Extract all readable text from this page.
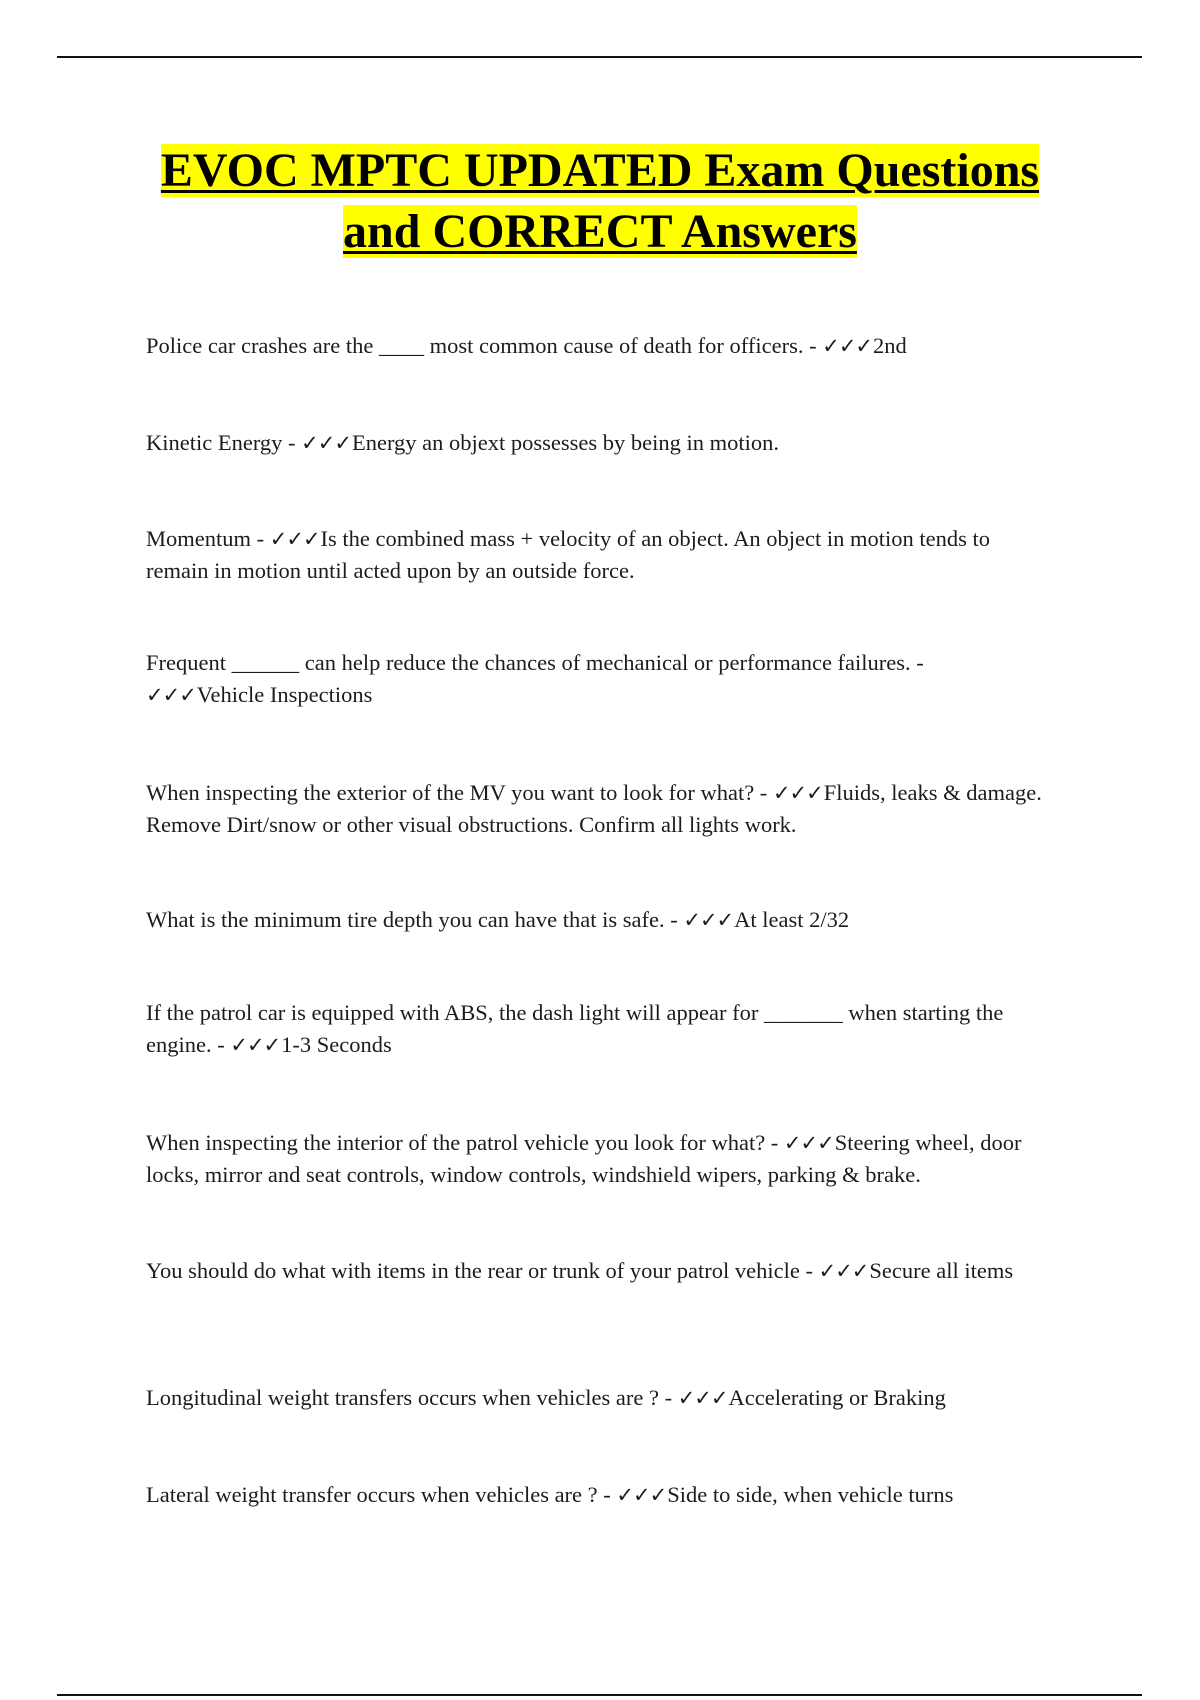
EVOC MPTC UPDATED Exam Questions
and CORRECT Answers

Police car crashes are the ____ most common cause of death for officers. - ✓✓✓2nd

Kinetic Energy - ✓✓✓Energy an objext possesses by being in motion.

Momentum - ✓✓✓Is the combined mass + velocity of an object. An object in motion tends to remain in motion until acted upon by an outside force.

Frequent ______ can help reduce the chances of mechanical or performance failures. - ✓✓✓Vehicle Inspections

When inspecting the exterior of the MV you want to look for what? - ✓✓✓Fluids, leaks & damage. Remove Dirt/snow or other visual obstructions. Confirm all lights work.

What is the minimum tire depth you can have that is safe. - ✓✓✓At least 2/32

If the patrol car is equipped with ABS, the dash light will appear for _______ when starting the engine. - ✓✓✓1-3 Seconds

When inspecting the interior of the patrol vehicle you look for what? - ✓✓✓Steering wheel, door locks, mirror and seat controls, window controls, windshield wipers, parking & brake.

You should do what with items in the rear or trunk of your patrol vehicle - ✓✓✓Secure all items

Longitudinal weight transfers occurs when vehicles are ? - ✓✓✓Accelerating or Braking

Lateral weight transfer occurs when vehicles are ? - ✓✓✓Side to side, when vehicle turns
